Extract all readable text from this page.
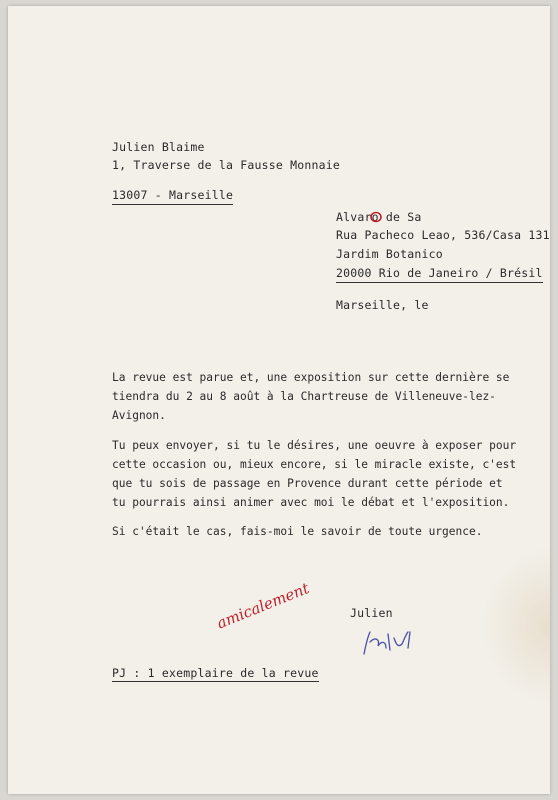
Julien Blaime
1, Traverse de la Fausse Monnaie
13007 - Marseille
Alvaro de Sa
Rua Pacheco Leao, 536/Casa 131
Jardim Botanico
20000 Rio de Janeiro / Brésil
Marseille, le
La revue est parue et, une exposition sur cette dernière se
tiendra du 2 au 8 août à la Chartreuse de Villeneuve-lez-
Avignon.
Tu peux envoyer, si tu le désires, une oeuvre à exposer pour
cette occasion ou, mieux encore, si le miracle existe, c'est
que tu sois de passage en Provence durant cette période et
tu pourrais ainsi animer avec moi le débat et l'exposition.
Si c'était le cas, fais-moi le savoir de toute urgence.
amicalement	Julien
PJ : 1 exemplaire de la revue
